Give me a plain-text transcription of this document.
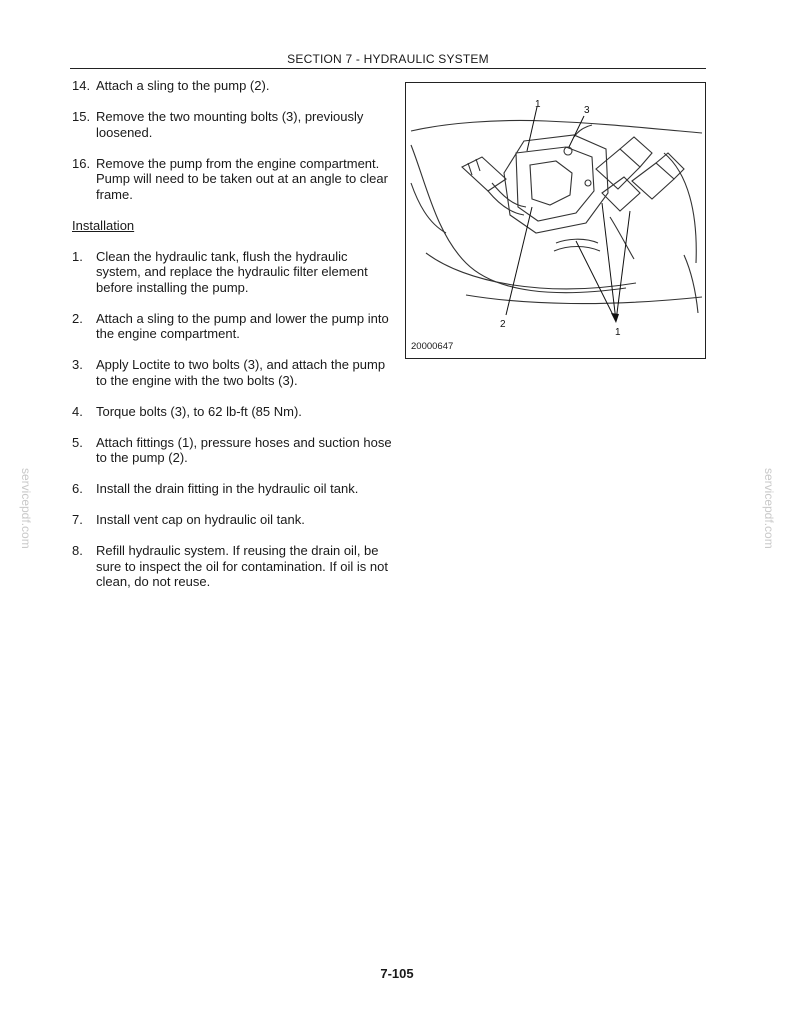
SECTION 7 - HYDRAULIC SYSTEM
14. Attach a sling to the pump (2).
15. Remove the two mounting bolts (3), previously loosened.
16. Remove the pump from the engine compartment. Pump will need to be taken out at an angle to clear frame.
Installation
1.	Clean the hydraulic tank, flush the hydraulic system, and replace the hydraulic filter element before installing the pump.
2.	Attach a sling to the pump and lower the pump into the engine compartment.
3.	Apply Loctite to two bolts (3), and attach the pump to the engine with the two bolts (3).
4.	Torque bolts (3), to 62 lb-ft (85 Nm).
5.	Attach fittings (1), pressure hoses and suction hose to the pump (2).
6.	Install the drain fitting in the hydraulic oil tank.
7.	Install vent cap on hydraulic oil tank.
8.	Refill hydraulic system. If reusing the drain oil, be sure to inspect the oil for contamination. If oil is not clean, do not reuse.
1
3
2
1
20000647
servicepdf.com	servicepdf.com
7-105
